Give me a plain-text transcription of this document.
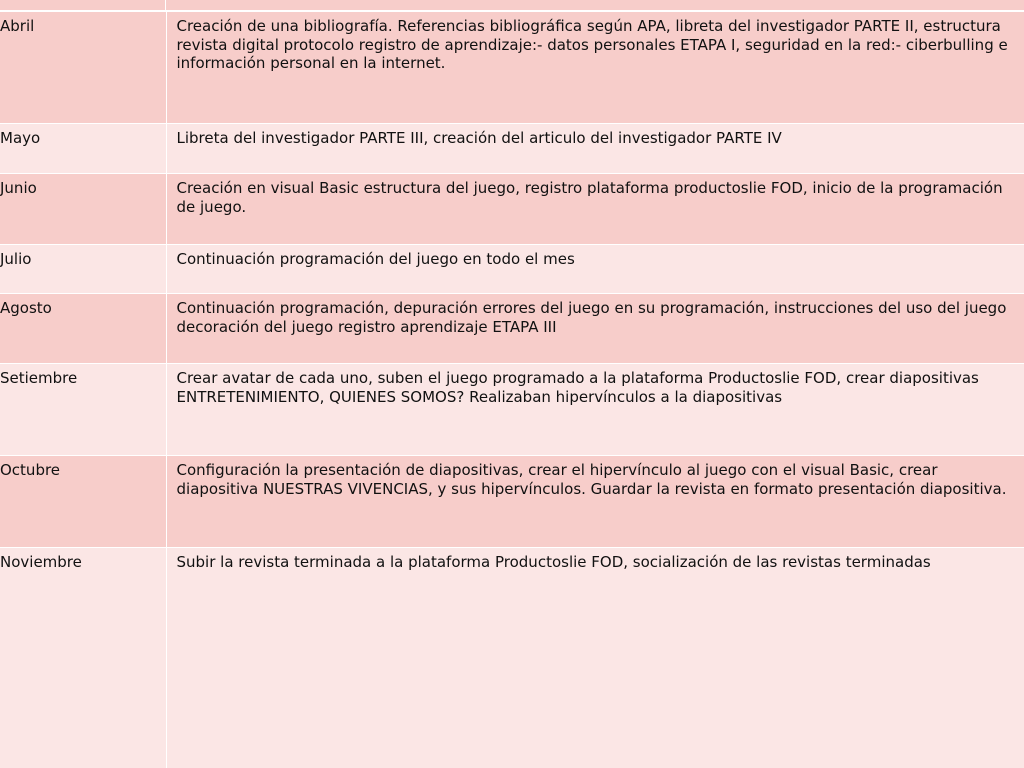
Abril	Creación de una bibliografía. Referencias bibliográfica según APA, libreta del investigador PARTE II, estructura revista digital protocolo registro de aprendizaje:- datos personales ETAPA I, seguridad en la red:- ciberbulling e información personal en la internet.
Mayo	Libreta del investigador PARTE III, creación del articulo del investigador PARTE IV
Junio	Creación en visual Basic estructura del juego, registro plataforma productoslie FOD, inicio de la programación de juego.
Julio	Continuación programación del juego en todo el mes
Agosto	Continuación programación, depuración errores del juego en su programación, instrucciones del uso del juego decoración del juego registro aprendizaje ETAPA III
Setiembre	Crear avatar de cada uno, suben el juego programado a la plataforma Productoslie FOD, crear diapositivas ENTRETENIMIENTO, QUIENES SOMOS? Realizaban hipervínculos a la diapositivas
Octubre	Configuración la presentación de diapositivas, crear el hipervínculo al juego con el visual Basic, crear diapositiva NUESTRAS VIVENCIAS, y sus hipervínculos. Guardar la revista en formato presentación diapositiva.
Noviembre	Subir la revista terminada a la plataforma Productoslie FOD, socialización de las revistas terminadas
